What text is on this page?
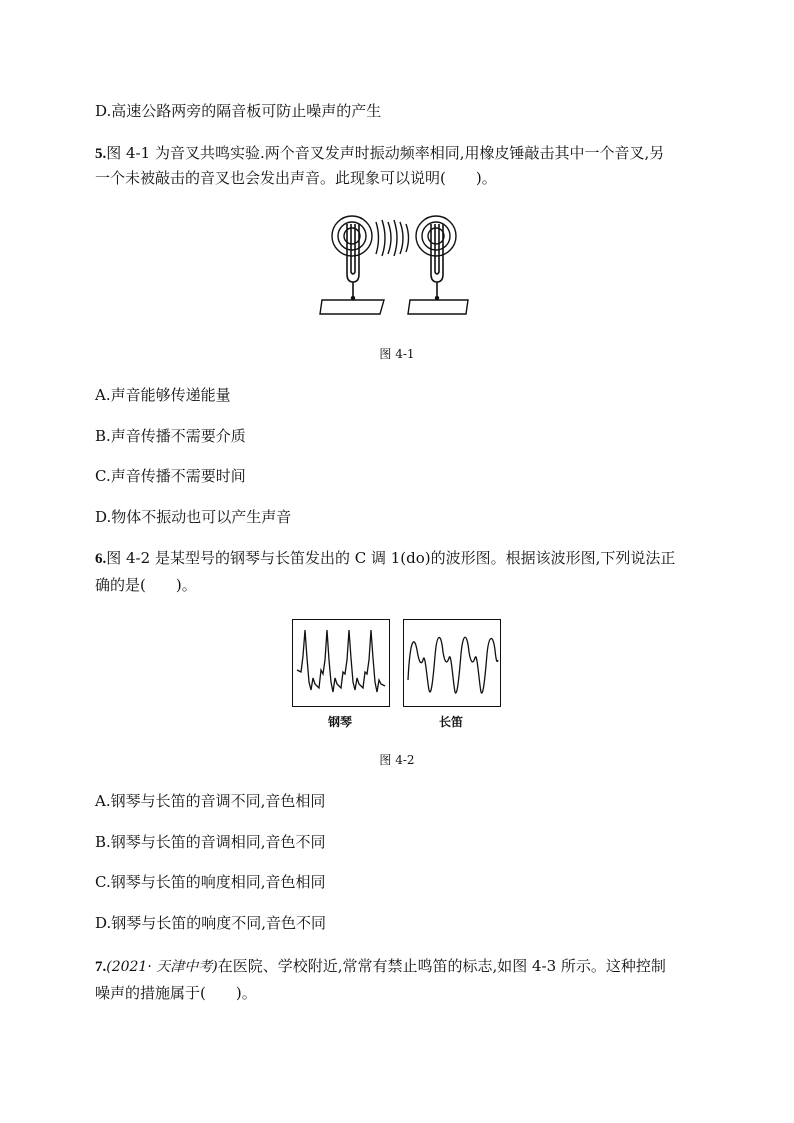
D.高速公路两旁的隔音板可防止噪声的产生
5.图 4-1 为音叉共鸣实验.两个音叉发声时振动频率相同,用橡皮锤敲击其中一个音叉,另
一个未被敲击的音叉也会发出声音。此现象可以说明(　　)。
图 4-1
A.声音能够传递能量
B.声音传播不需要介质
C.声音传播不需要时间
D.物体不振动也可以产生声音
6.图 4-2 是某型号的钢琴与长笛发出的 C 调 1(do)的波形图。根据该波形图,下列说法正
确的是(　　)。
钢琴	长笛
图 4-2
A.钢琴与长笛的音调不同,音色相同
B.钢琴与长笛的音调相同,音色不同
C.钢琴与长笛的响度相同,音色相同
D.钢琴与长笛的响度不同,音色不同
7.(2021· 天津中考)在医院、学校附近,常常有禁止鸣笛的标志,如图 4-3 所示。这种控制
噪声的措施属于(　　)。
